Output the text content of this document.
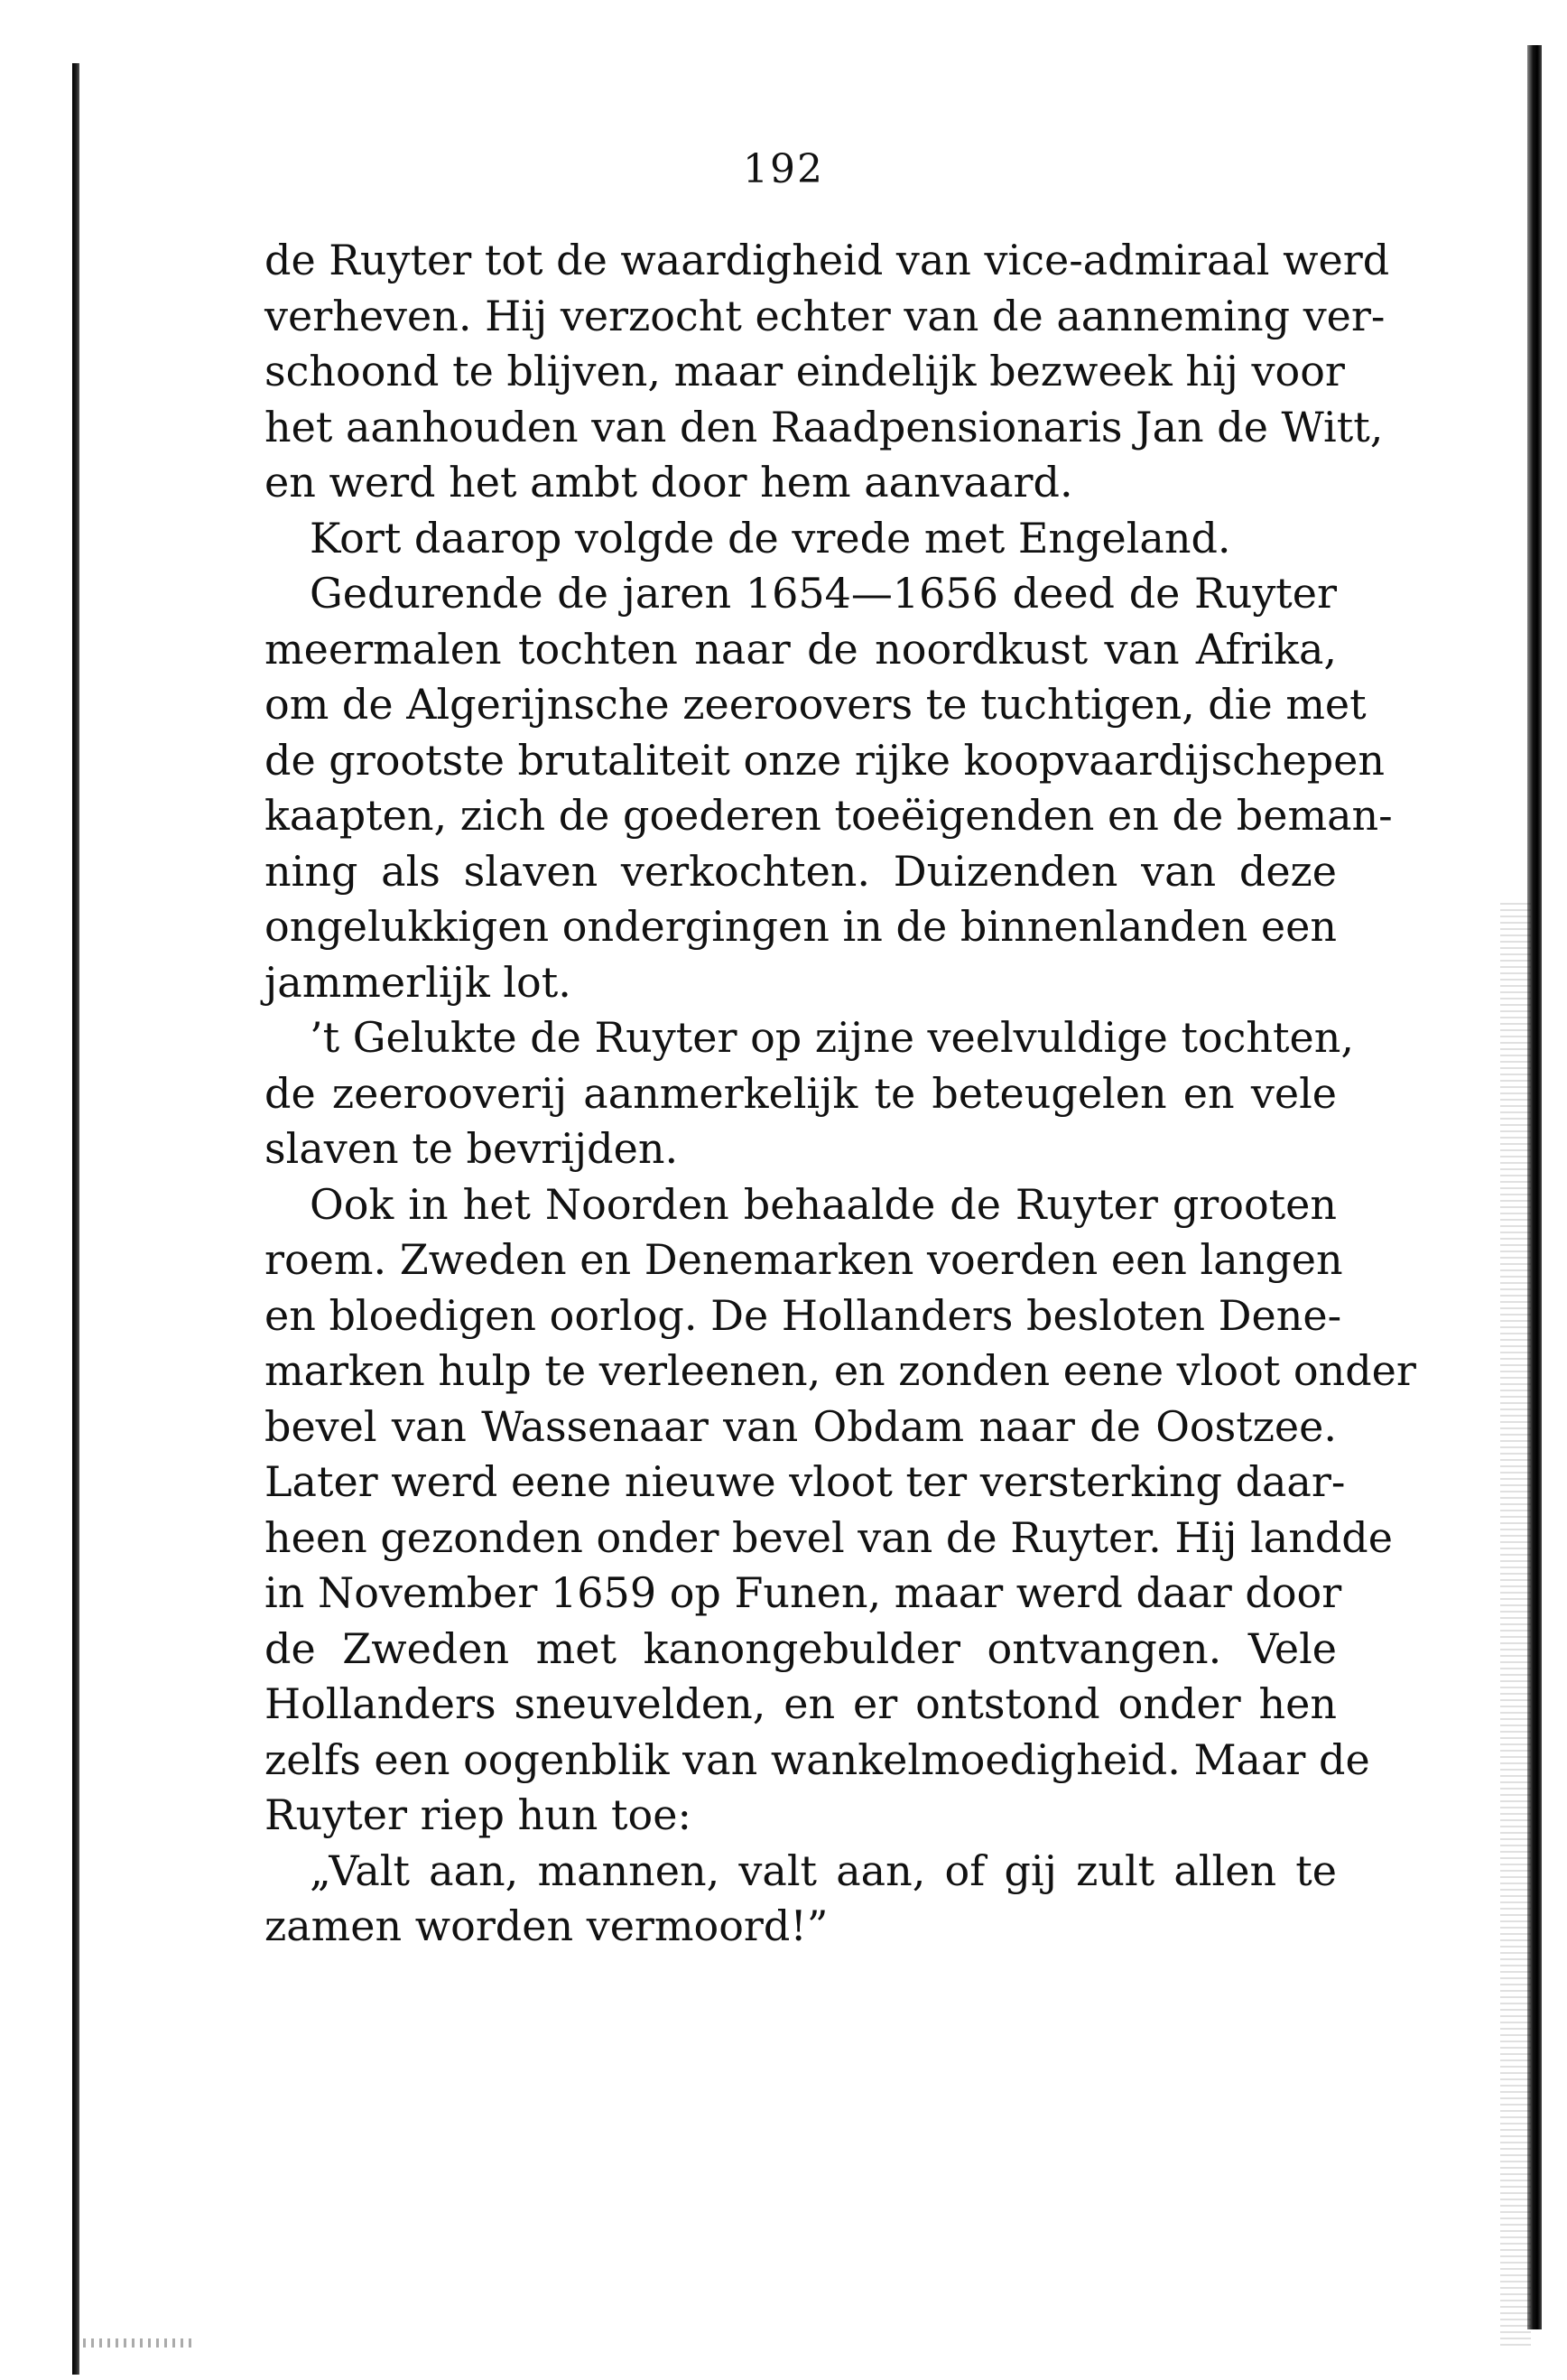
192
de Ruyter tot de waardigheid van vice-admiraal werd
verheven. Hij verzocht echter van de aanneming ver-
schoond te blijven, maar eindelijk bezweek hij voor
het aanhouden van den Raadpensionaris Jan de Witt,
en werd het ambt door hem aanvaard.
Kort daarop volgde de vrede met Engeland.
Gedurende de jaren 1654—1656 deed de Ruyter
meermalen tochten naar de noordkust van Afrika,
om de Algerijnsche zeeroovers te tuchtigen, die met
de grootste brutaliteit onze rijke koopvaardijschepen
kaapten, zich de goederen toeëigenden en de beman-
ning als slaven verkochten. Duizenden van deze
ongelukkigen ondergingen in de binnenlanden een
jammerlijk lot.
’t Gelukte de Ruyter op zijne veelvuldige tochten,
de zeerooverij aanmerkelijk te beteugelen en vele
slaven te bevrijden.
Ook in het Noorden behaalde de Ruyter grooten
roem. Zweden en Denemarken voerden een langen
en bloedigen oorlog. De Hollanders besloten Dene-
marken hulp te verleenen, en zonden eene vloot onder
bevel van Wassenaar van Obdam naar de Oostzee.
Later werd eene nieuwe vloot ter versterking daar-
heen gezonden onder bevel van de Ruyter. Hij landde
in November 1659 op Funen, maar werd daar door
de Zweden met kanongebulder ontvangen. Vele
Hollanders sneuvelden, en er ontstond onder hen
zelfs een oogenblik van wankelmoedigheid. Maar de
Ruyter riep hun toe:
„Valt aan, mannen, valt aan, of gij zult allen te
zamen worden vermoord!”
